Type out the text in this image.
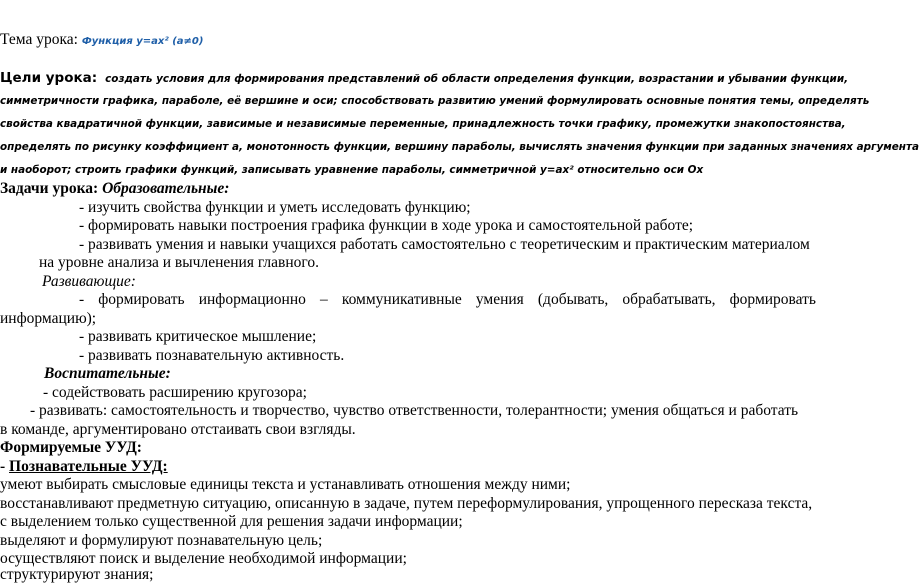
Тема урока: Функция y=ax² (a≠0)
Цели урока: создать условия для формирования представлений об области определения функции, возрастании и убывании функции,
симметричности графика, параболе, её вершине и оси; способствовать развитию умений формулировать основные понятия темы, определять
свойства квадратичной функции, зависимые и независимые переменные, принадлежность точки графику, промежутки знакопостоянства,
определять по рисунку коэффициент a, монотонность функции, вершину параболы, вычислять значения функции при заданных значениях аргумента
и наоборот; строить графики функций, записывать уравнение параболы, симметричной y=ax² относительно оси Ox
Задачи урока: Образовательные:
- изучить свойства функции и уметь исследовать функцию;
- формировать навыки построения графика функции в ходе урока и самостоятельной работе;
- развивать умения и навыки учащихся работать самостоятельно с теоретическим и практическим материалом
на уровне анализа и вычленения главного.
Развивающие:
- формировать информационно – коммуникативные умения (добывать, обрабатывать, формировать
информацию);
- развивать критическое мышление;
- развивать познавательную активность.
Воспитательные:
- содействовать расширению кругозора;
- развивать: самостоятельность и творчество, чувство ответственности, толерантности; умения общаться и работать
в команде, аргументировано отстаивать свои взгляды.
Формируемые УУД:
- Познавательные УУД:
умеют выбирать смысловые единицы текста и устанавливать отношения между ними;
восстанавливают предметную ситуацию, описанную в задаче, путем переформулирования, упрощенного пересказа текста,
с выделением только существенной для решения задачи информации;
выделяют и формулируют познавательную цель;
осуществляют поиск и выделение необходимой информации;
структурируют знания;
